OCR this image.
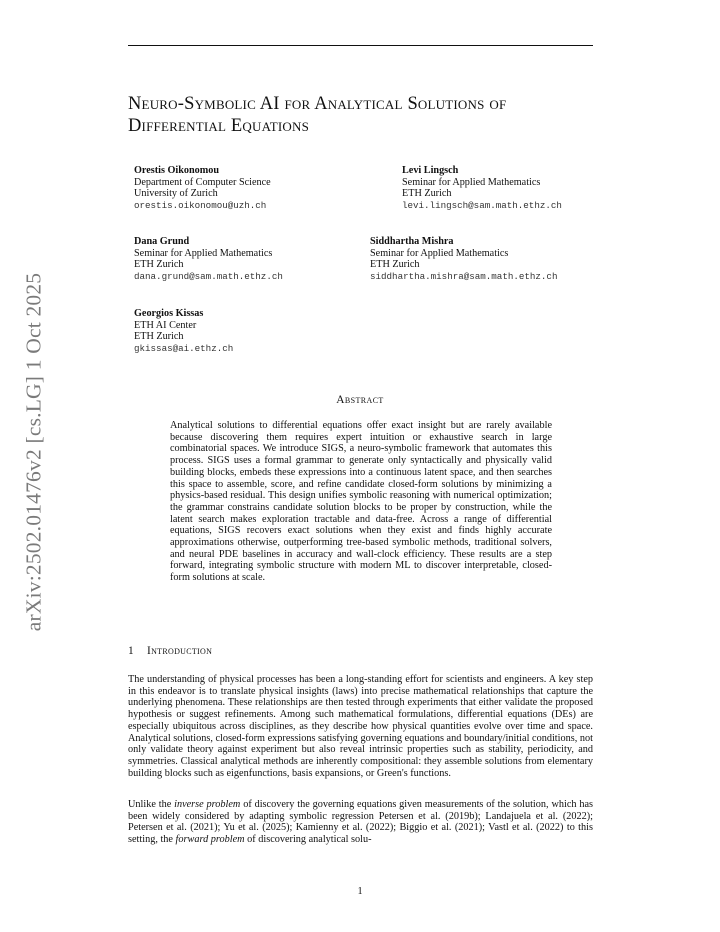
arXiv:2502.01476v2 [cs.LG] 1 Oct 2025
Neuro-Symbolic AI for Analytical Solutions of Differential Equations
Orestis Oikonomou
Department of Computer Science
University of Zurich
orestis.oikonomou@uzh.ch
Levi Lingsch
Seminar for Applied Mathematics
ETH Zurich
levi.lingsch@sam.math.ethz.ch
Dana Grund
Seminar for Applied Mathematics
ETH Zurich
dana.grund@sam.math.ethz.ch
Siddhartha Mishra
Seminar for Applied Mathematics
ETH Zurich
siddhartha.mishra@sam.math.ethz.ch
Georgios Kissas
ETH AI Center
ETH Zurich
gkissas@ai.ethz.ch
Abstract
Analytical solutions to differential equations offer exact insight but are rarely available because discovering them requires expert intuition or exhaustive search in large combinatorial spaces. We introduce SIGS, a neuro-symbolic framework that automates this process. SIGS uses a formal grammar to generate only syntactically and physically valid building blocks, embeds these expressions into a continuous latent space, and then searches this space to assemble, score, and refine candidate closed-form solutions by minimizing a physics-based residual. This design unifies symbolic reasoning with numerical optimization; the grammar constrains candidate solution blocks to be proper by construction, while the latent search makes exploration tractable and data-free. Across a range of differential equations, SIGS recovers exact solutions when they exist and finds highly accurate approximations otherwise, outperforming tree-based symbolic methods, traditional solvers, and neural PDE baselines in accuracy and wall-clock efficiency. These results are a step forward, integrating symbolic structure with modern ML to discover interpretable, closed-form solutions at scale.
1 Introduction

The understanding of physical processes has been a long-standing effort for scientists and engineers. A key step in this endeavor is to translate physical insights (laws) into precise mathematical relationships that capture the underlying phenomena. These relationships are then tested through experiments that either validate the proposed hypothesis or suggest refinements. Among such mathematical formulations, differential equations (DEs) are especially ubiquitous across disciplines, as they describe how physical quantities evolve over time and space. Analytical solutions, closed-form expressions satisfying governing equations and boundary/initial conditions, not only validate theory against experiment but also reveal intrinsic properties such as stability, periodicity, and symmetries. Classical analytical methods are inherently compositional: they assemble solutions from elementary building blocks such as eigenfunctions, basis expansions, or Green's functions.

Unlike the inverse problem of discovery the governing equations given measurements of the solution, which has been widely considered by adapting symbolic regression Petersen et al. (2019b); Landajuela et al. (2022); Petersen et al. (2021); Yu et al. (2025); Kamienny et al. (2022); Biggio et al. (2021); Vastl et al. (2022) to this setting, the forward problem of discovering analytical solu-

1
